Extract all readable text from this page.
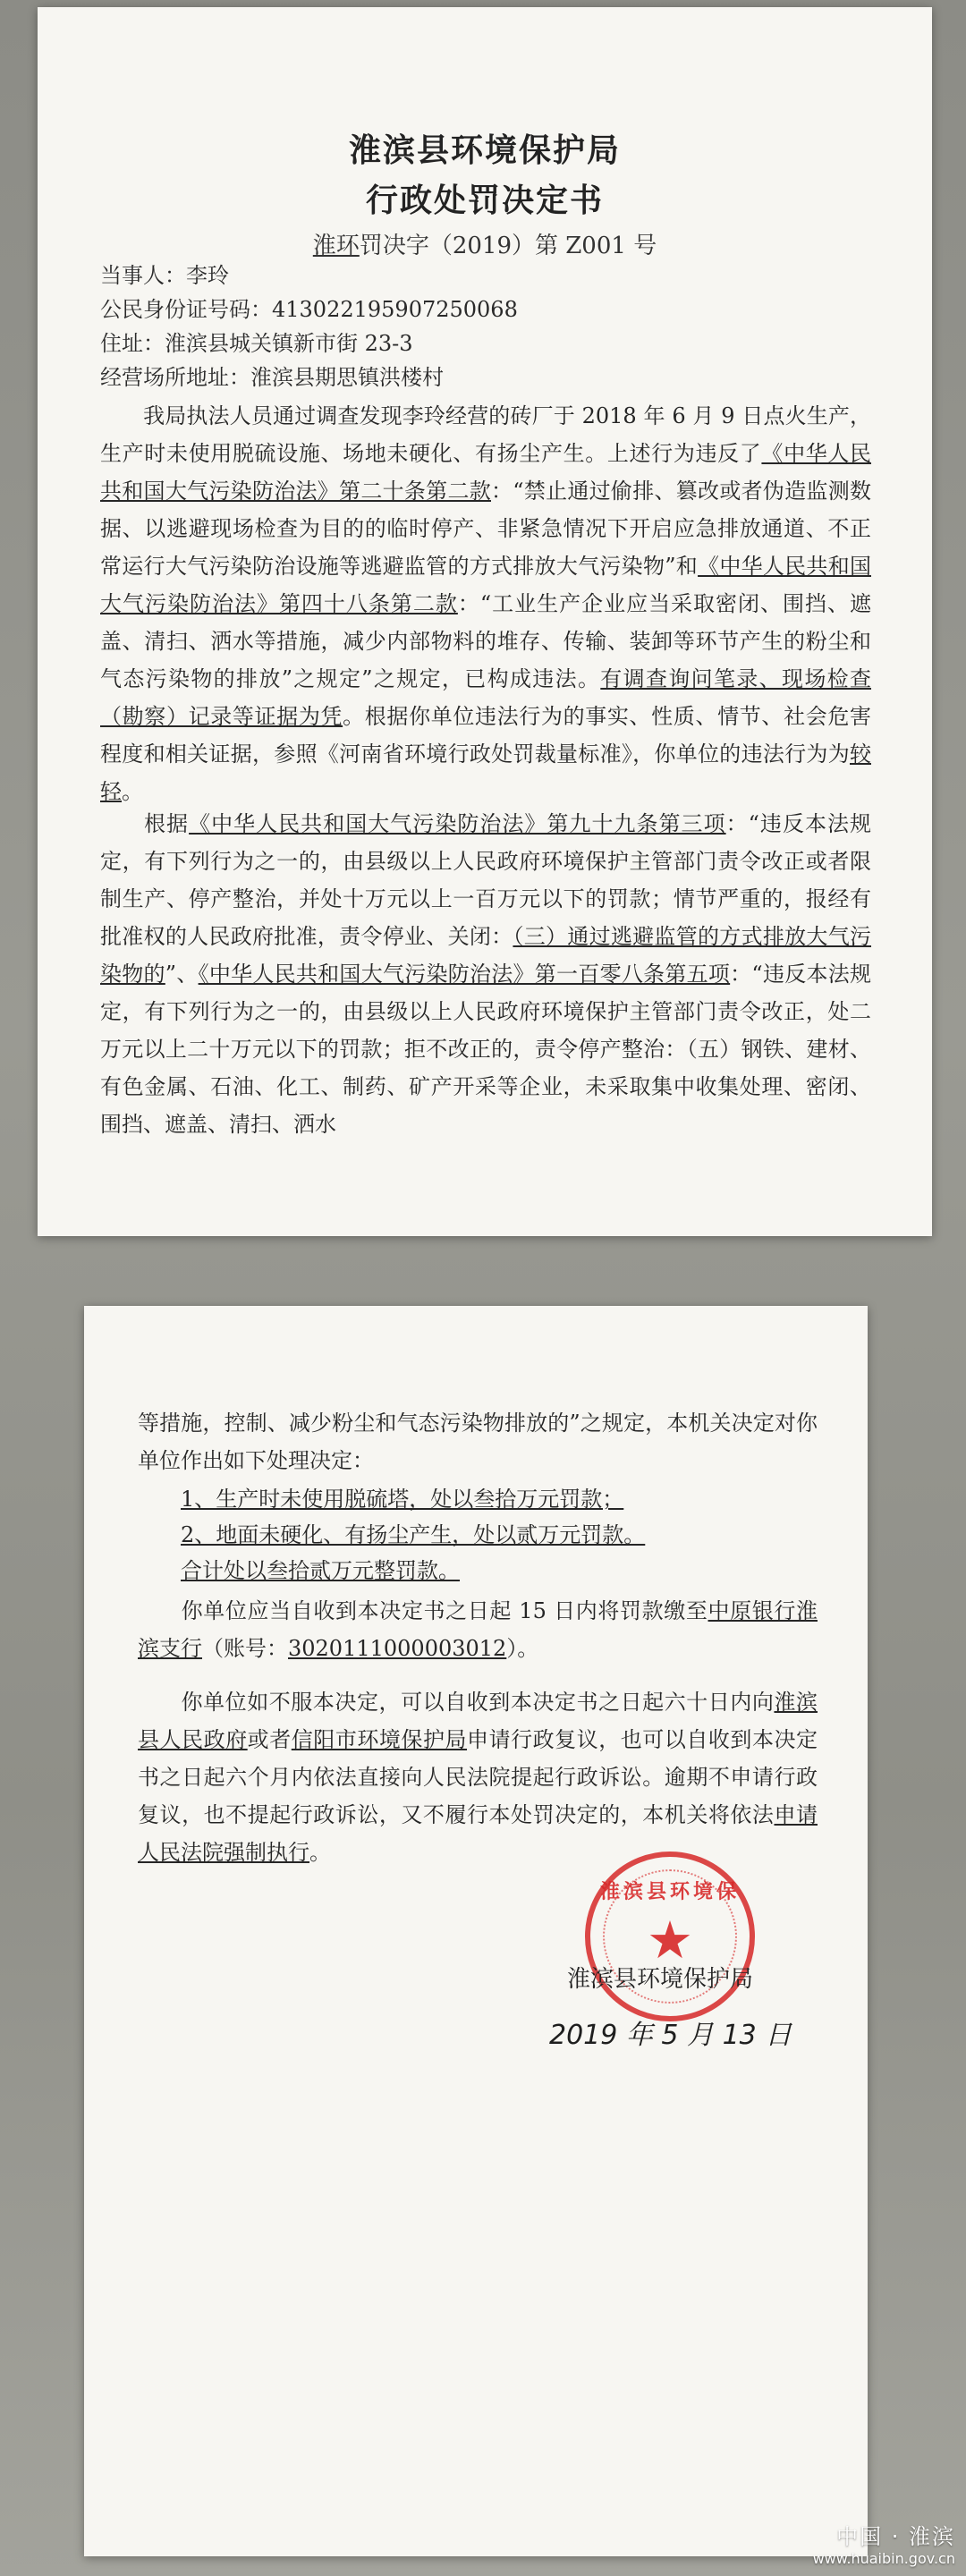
淮滨县环境保护局
行政处罚决定书
淮环罚决字（2019）第 Z001 号
当事人：李玲
公民身份证号码：413022195907250068
住址：淮滨县城关镇新市街 23-3
经营场所地址：淮滨县期思镇洪楼村
我局执法人员通过调查发现李玲经营的砖厂于 2018 年 6 月 9 日点火生产，生产时未使用脱硫设施、场地未硬化、有扬尘产生。上述行为违反了《中华人民共和国大气污染防治法》第二十条第二款：“禁止通过偷排、篡改或者伪造监测数据、以逃避现场检查为目的的临时停产、非紧急情况下开启应急排放通道、不正常运行大气污染防治设施等逃避监管的方式排放大气污染物”和《中华人民共和国大气污染防治法》第四十八条第二款：“工业生产企业应当采取密闭、围挡、遮盖、清扫、洒水等措施，减少内部物料的堆存、传输、装卸等环节产生的粉尘和气态污染物的排放”之规定”之规定，已构成违法。有调查询问笔录、现场检查（勘察）记录等证据为凭。根据你单位违法行为的事实、性质、情节、社会危害程度和相关证据，参照《河南省环境行政处罚裁量标准》，你单位的违法行为为较轻。
根据《中华人民共和国大气污染防治法》第九十九条第三项：“违反本法规定，有下列行为之一的，由县级以上人民政府环境保护主管部门责令改正或者限制生产、停产整治，并处十万元以上一百万元以下的罚款；情节严重的，报经有批准权的人民政府批准，责令停业、关闭：（三）通过逃避监管的方式排放大气污染物的”、《中华人民共和国大气污染防治法》第一百零八条第五项：“违反本法规定，有下列行为之一的，由县级以上人民政府环境保护主管部门责令改正，处二万元以上二十万元以下的罚款；拒不改正的，责令停产整治：（五）钢铁、建材、有色金属、石油、化工、制药、矿产开采等企业，未采取集中收集处理、密闭、围挡、遮盖、清扫、洒水
等措施，控制、减少粉尘和气态污染物排放的”之规定，本机关决定对你单位作出如下处理决定：
1、生产时未使用脱硫塔，处以叁拾万元罚款；
2、地面未硬化、有扬尘产生，处以贰万元罚款。
合计处以叁拾贰万元整罚款。
你单位应当自收到本决定书之日起 15 日内将罚款缴至中原银行淮滨支行（账号：3020111000003012）。
你单位如不服本决定，可以自收到本决定书之日起六十日内向淮滨县人民政府或者信阳市环境保护局申请行政复议，也可以自收到本决定书之日起六个月内依法直接向人民法院提起行政诉讼。逾期不申请行政复议，也不提起行政诉讼，又不履行本处罚决定的，本机关将依法申请人民法院强制执行。
淮滨县环境保
★
淮滨县环境保护局
2019 年 5 月 13 日
中国 · 淮滨
www.huaibin.gov.cn
